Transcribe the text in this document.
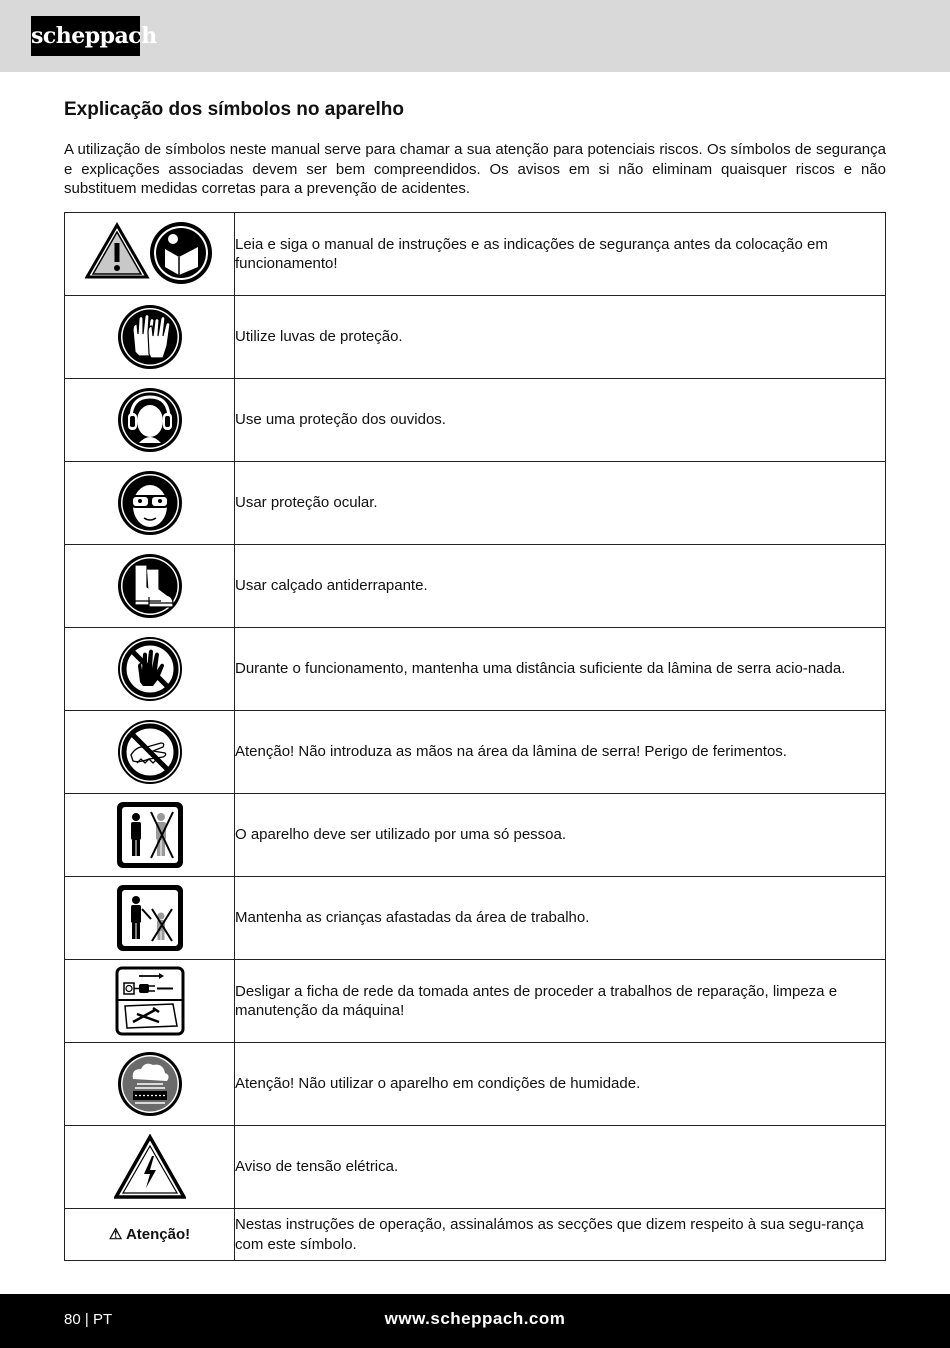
scheppach
Explicação dos símbolos no aparelho

A utilização de símbolos neste manual serve para chamar a sua atenção para potenciais riscos. Os símbolos de segurança e explicações associadas devem ser bem compreendidos. Os avisos em si não eliminam quaisquer riscos e não substituem medidas corretas para a prevenção de acidentes.

	Leia e siga o manual de instruções e as indicações de segurança antes da colocação em funcionamento!

	Utilize luvas de proteção.

	Use uma proteção dos ouvidos.

	Usar proteção ocular.

	Usar calçado antiderrapante.

	Durante o funcionamento, mantenha uma distância suficiente da lâmina de serra acio-nada.

	Atenção! Não introduza as mãos na área da lâmina de serra! Perigo de ferimentos.

	O aparelho deve ser utilizado por uma só pessoa.

	Mantenha as crianças afastadas da área de trabalho.

	Desligar a ficha de rede da tomada antes de proceder a trabalhos de reparação, limpeza e manutenção da máquina!

	Atenção! Não utilizar o aparelho em condições de humidade.

	Aviso de tensão elétrica.
⚠ Atenção!	Nestas instruções de operação, assinalámos as secções que dizem respeito à sua segu-rança com este símbolo.
80 | PT	www.scheppach.com
